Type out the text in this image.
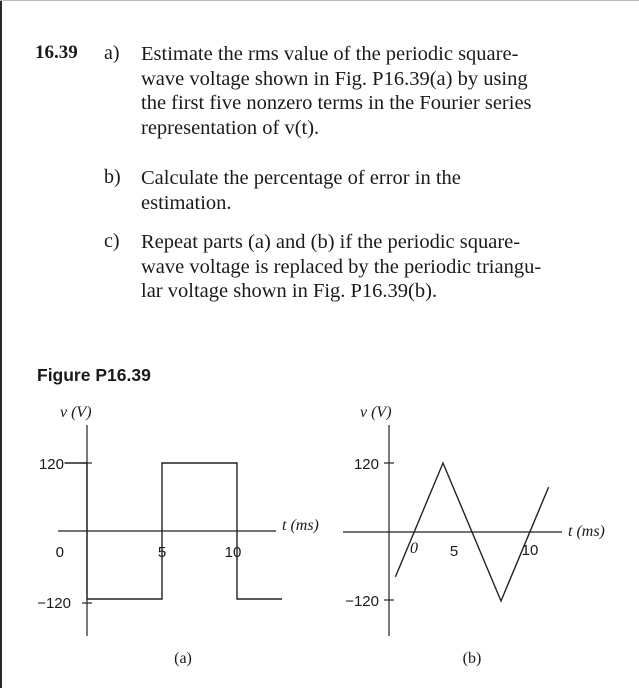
16.39 a) Estimate the rms value of the periodic square-
wave voltage shown in Fig. P16.39(a) by using
the first five nonzero terms in the Fourier series
representation of v(t).
b) Calculate the percentage of error in the
estimation.
c) Repeat parts (a) and (b) if the periodic square-
wave voltage is replaced by the periodic triangu-
lar voltage shown in Fig. P16.39(b).
Figure P16.39
v (V)
120
0
−120
5	10
t (ms)
(a)
v (V)
120
−120
0 5	10
t (ms)
(b)
